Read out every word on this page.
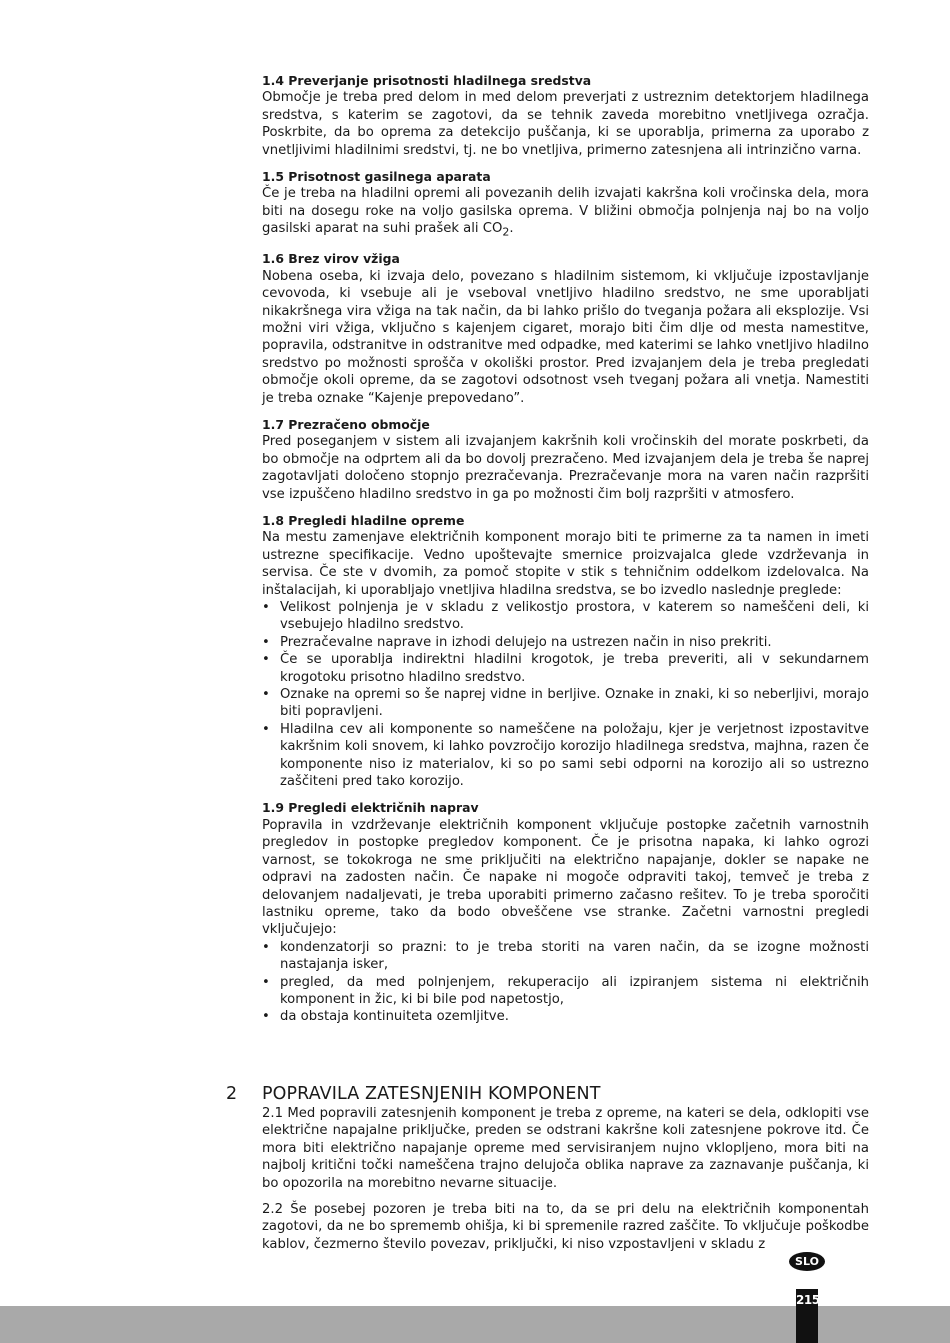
1.4 Preverjanje prisotnosti hladilnega sredstva
Območje je treba pred delom in med delom preverjati z ustreznim detektorjem hladilnega sredstva, s katerim se zagotovi, da se tehnik zaveda morebitno vnetljivega ozračja. Poskrbite, da bo oprema za detekcijo puščanja, ki se uporablja, primerna za uporabo z vnetljivimi hladilnimi sredstvi, tj. ne bo vnetljiva, primerno zatesnjena ali intrinzično varna.
1.5 Prisotnost gasilnega aparata
Če je treba na hladilni opremi ali povezanih delih izvajati kakršna koli vročinska dela, mora biti na dosegu roke na voljo gasilska oprema. V bližini območja polnjenja naj bo na voljo gasilski aparat na suhi prašek ali $CO_2$.
1.6 Brez virov vžiga
Nobena oseba, ki izvaja delo, povezano s hladilnim sistemom, ki vključuje izpostavljanje cevovoda, ki vsebuje ali je vseboval vnetljivo hladilno sredstvo, ne sme uporabljati nikakršnega vira vžiga na tak način, da bi lahko prišlo do tveganja požara ali eksplozije. Vsi možni viri vžiga, vključno s kajenjem cigaret, morajo biti čim dlje od mesta namestitve, popravila, odstranitve in odstranitve med odpadke, med katerimi se lahko vnetljivo hladilno sredstvo po možnosti sprošča v okoliški prostor. Pred izvajanjem dela je treba pregledati območje okoli opreme, da se zagotovi odsotnost vseh tveganj požara ali vnetja. Namestiti je treba oznake “Kajenje prepovedano”.
1.7 Prezračeno območje
Pred poseganjem v sistem ali izvajanjem kakršnih koli vročinskih del morate poskrbeti, da bo območje na odprtem ali da bo dovolj prezračeno. Med izvajanjem dela je treba še naprej zagotavljati določeno stopnjo prezračevanja. Prezračevanje mora na varen način razpršiti vse izpuščeno hladilno sredstvo in ga po možnosti čim bolj razpršiti v atmosfero.
1.8 Pregledi hladilne opreme
Na mestu zamenjave električnih komponent morajo biti te primerne za ta namen in imeti ustrezne specifikacije. Vedno upoštevajte smernice proizvajalca glede vzdrževanja in servisa. Če ste v dvomih, za pomoč stopite v stik s tehničnim oddelkom izdelovalca. Na inštalacijah, ki uporabljajo vnetljiva hladilna sredstva, se bo izvedlo naslednje preglede:
• Velikost polnjenja je v skladu z velikostjo prostora, v katerem so nameščeni deli, ki vsebujejo hladilno sredstvo.
• Prezračevalne naprave in izhodi delujejo na ustrezen način in niso prekriti.
• Če se uporablja indirektni hladilni krogotok, je treba preveriti, ali v sekundarnem krogotoku prisotno hladilno sredstvo.
• Oznake na opremi so še naprej vidne in berljive. Oznake in znaki, ki so neberljivi, morajo biti popravljeni.
• Hladilna cev ali komponente so nameščene na položaju, kjer je verjetnost izpostavitve kakršnim koli snovem, ki lahko povzročijo korozijo hladilnega sredstva, majhna, razen če komponente niso iz materialov, ki so po sami sebi odporni na korozijo ali so ustrezno zaščiteni pred tako korozijo.
1.9 Pregledi električnih naprav
Popravila in vzdrževanje električnih komponent vključuje postopke začetnih varnostnih pregledov in postopke pregledov komponent. Če je prisotna napaka, ki lahko ogrozi varnost, se tokokroga ne sme priključiti na električno napajanje, dokler se napake ne odpravi na zadosten način. Če napake ni mogoče odpraviti takoj, temveč je treba z delovanjem nadaljevati, je treba uporabiti primerno začasno rešitev. To je treba sporočiti lastniku opreme, tako da bodo obveščene vse stranke. Začetni varnostni pregledi vključujejo:
• kondenzatorji so prazni: to je treba storiti na varen način, da se izogne možnosti nastajanja isker,
• pregled, da med polnjenjem, rekuperacijo ali izpiranjem sistema ni električnih komponent in žic, ki bi bile pod napetostjo,
• da obstaja kontinuiteta ozemljitve.
2	POPRAVILA ZATESNJENIH KOMPONENT
2.1 Med popravili zatesnjenih komponent je treba z opreme, na kateri se dela, odklopiti vse električne napajalne priključke, preden se odstrani kakršne koli zatesnjene pokrove itd. Če mora biti električno napajanje opreme med servisiranjem nujno vklopljeno, mora biti na najbolj kritični točki nameščena trajno delujoča oblika naprave za zaznavanje puščanja, ki bo opozorila na morebitno nevarne situacije.
2.2 Še posebej pozoren je treba biti na to, da se pri delu na električnih komponentah zagotovi, da ne bo sprememb ohišja, ki bi spremenile razred zaščite. To vključuje poškodbe kablov, čezmerno število povezav, priključki, ki niso vzpostavljeni v skladu z
SLO
215
